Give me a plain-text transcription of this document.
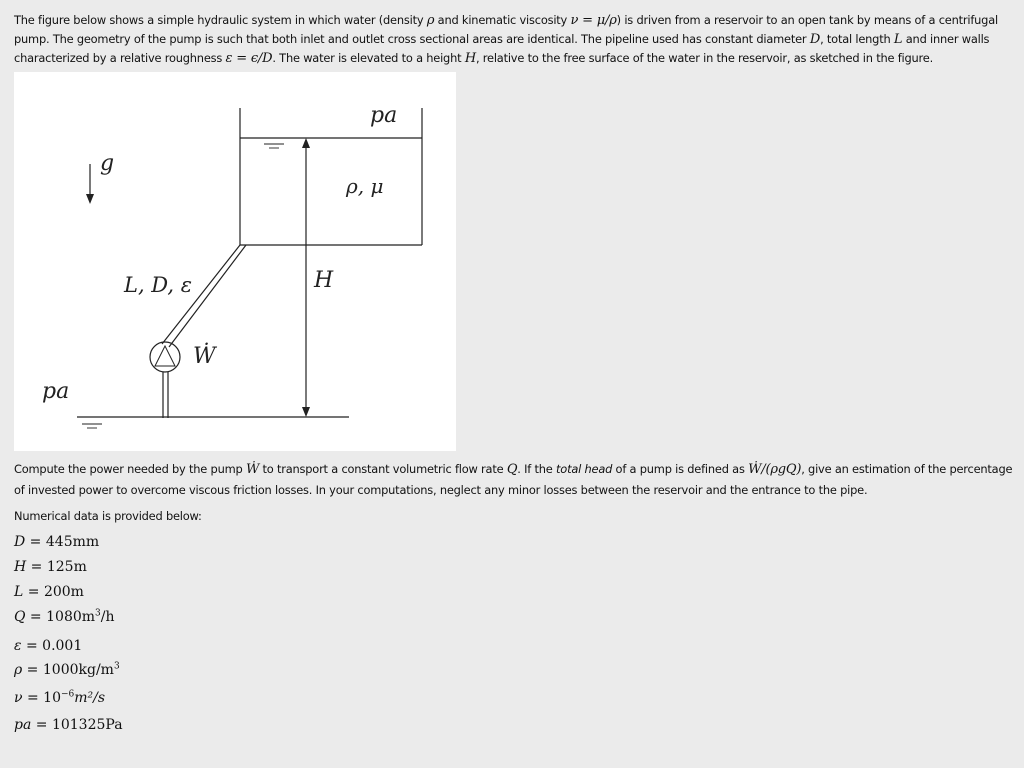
The figure below shows a simple hydraulic system in which water (density ρ and kinematic viscosity ν = μ/ρ) is driven from a reservoir to an open tank by means of a centrifugal pump. The geometry of the pump is such that both inlet and outlet cross sectional areas are identical. The pipeline used has constant diameter D, total length L and inner walls characterized by a relative roughness ε = ϵ/D. The water is elevated to a height H, relative to the free surface of the water in the reservoir, as sketched in the figure.

pa
ρ, μ
g
H
L, D, ε
Ẇ
pa

Compute the power needed by the pump Ẇ to transport a constant volumetric flow rate Q. If the total head of a pump is defined as Ẇ/(ρgQ), give an estimation of the percentage of invested power to overcome viscous friction losses. In your computations, neglect any minor losses between the reservoir and the entrance to the pipe.

Numerical data is provided below:

D = 445mm
H = 125m
L = 200m
$Q = 1080m^3/h$
ε = 0.001
$\rho = 1000kg/m^3$
$\nu = 10^{-6}m^2/s$
pa = 101325Pa
